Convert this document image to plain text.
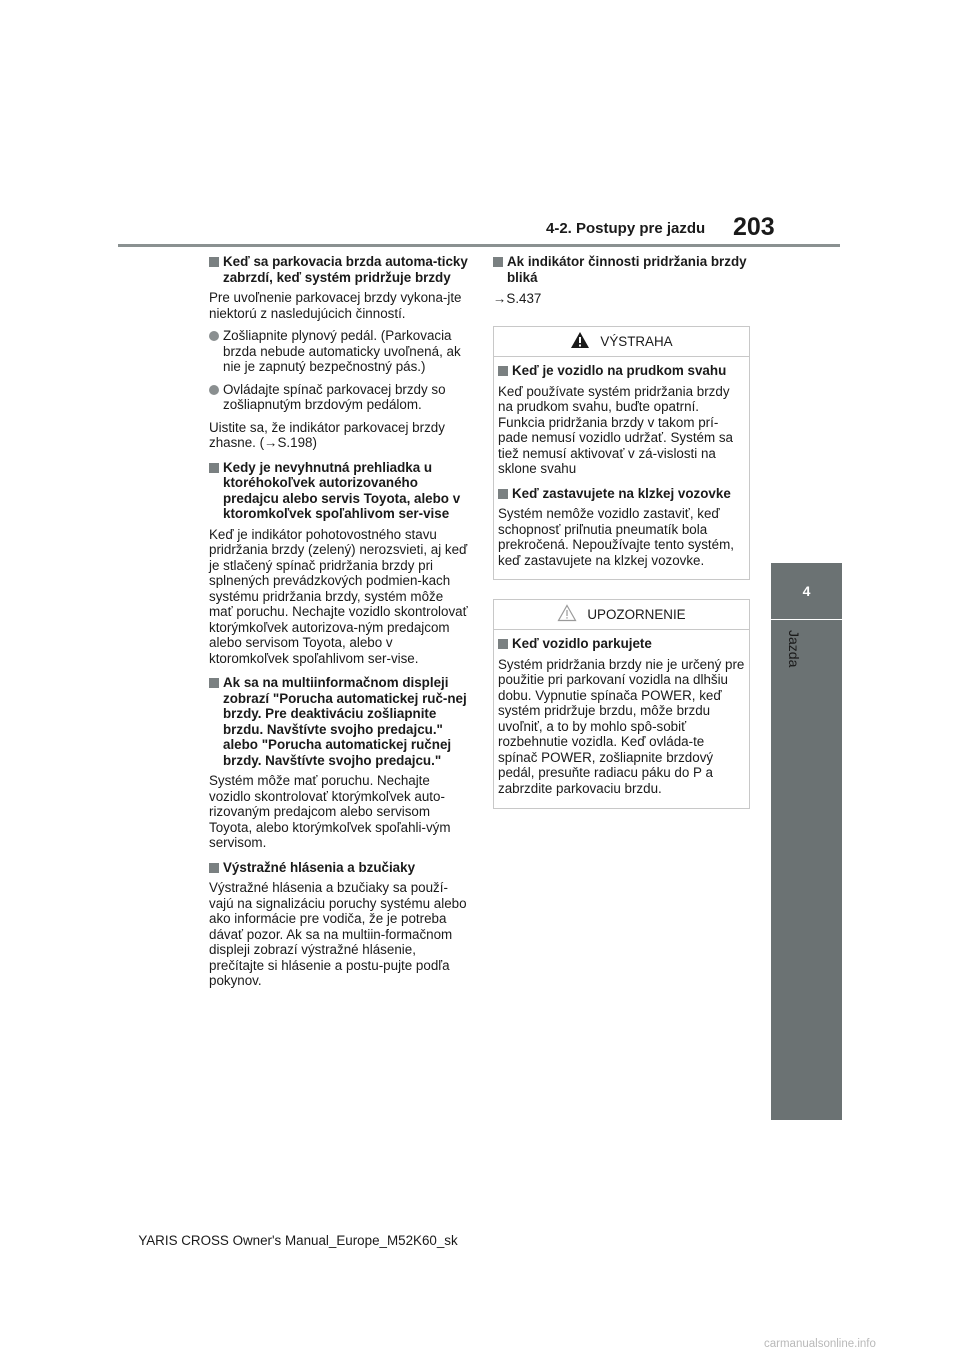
4-2. Postupy pre jazdu 203
4
Jazda

Keď sa parkovacia brzda automa-ticky zabrzdí, keď systém pridržuje brzdy

Pre uvoľnenie parkovacej brzdy vykona-jte niektorú z nasledujúcich činností.

Zošliapnite plynový pedál. (Parkovacia brzda nebude automaticky uvoľnená, ak nie je zapnutý bezpečnostný pás.)

Ovládajte spínač parkovacej brzdy so zošliapnutým brzdovým pedálom.

Uistite sa, že indikátor parkovacej brzdy zhasne. (→S.198)

Kedy je nevyhnutná prehliadka u ktoréhokoľvek autorizovaného predajcu alebo servis Toyota, alebo v ktoromkoľvek spoľahlivom ser-vise

Keď je indikátor pohotovostného stavu pridržania brzdy (zelený) nerozsvieti, aj keď je stlačený spínač pridržania brzdy pri splnených prevádzkových podmien-kach systému pridržania brzdy, systém môže mať poruchu. Nechajte vozidlo skontrolovať ktorýmkoľvek autorizova-ným predajcom alebo servisom Toyota, alebo v ktoromkoľvek spoľahlivom ser-vise.

Ak sa na multiinformačnom displeji zobrazí "Porucha automatickej ruč-nej brzdy. Pre deaktiváciu zošliapnite brzdu. Navštívte svojho predajcu." alebo "Porucha automatickej ručnej brzdy. Navštívte svojho predajcu."

Systém môže mať poruchu. Nechajte vozidlo skontrolovať ktorýmkoľvek auto-rizovaným predajcom alebo servisom Toyota, alebo ktorýmkoľvek spoľahli-vým servisom.

Výstražné hlásenia a bzučiaky

Výstražné hlásenia a bzučiaky sa použí-vajú na signalizáciu poruchy systému alebo ako informácie pre vodiča, že je potreba dávať pozor. Ak sa na multiin-formačnom displeji zobrazí výstražné hlásenie, prečítajte si hlásenie a postu-pujte podľa pokynov.

Ak indikátor činnosti pridržania brzdy bliká

→S.437

VÝSTRAHA

Keď je vozidlo na prudkom svahu

Keď používate systém pridržania brzdy na prudkom svahu, buďte opatrní. Funkcia pridržania brzdy v takom prí-pade nemusí vozidlo udržať. Systém sa tiež nemusí aktivovať v zá-vislosti na sklone svahu

Keď zastavujete na klzkej vozovke

Systém nemôže vozidlo zastaviť, keď schopnosť priľnutia pneumatík bola prekročená. Nepoužívajte tento systém, keď zastavujete na klzkej vozovke.

UPOZORNENIE

Keď vozidlo parkujete

Systém pridržania brzdy nie je určený pre použitie pri parkovaní vozidla na dlhšiu dobu. Vypnutie spínača POWER, keď systém pridržuje brzdu, môže brzdu uvoľniť, a to by mohlo spô-sobiť rozbehnutie vozidla. Keď ovláda-te spínač POWER, zošliapnite brzdový pedál, presuňte radiacu páku do P a zabrzdite parkovaciu brzdu.

YARIS CROSS Owner's Manual_Europe_M52K60_sk
carmanualsonline.info
